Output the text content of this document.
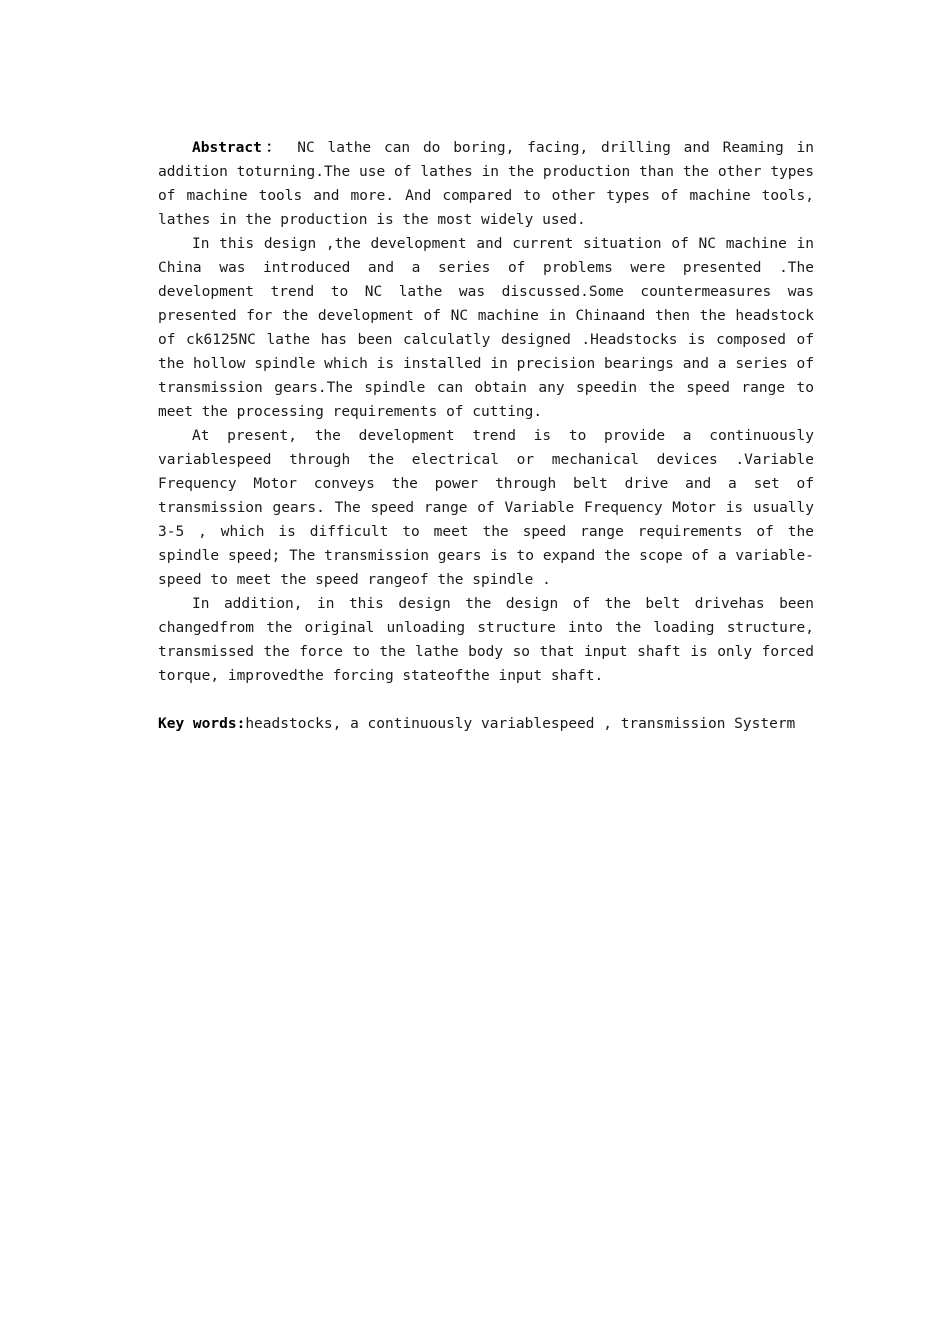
Abstract： NC lathe can do boring, facing, drilling and Reaming in addition toturning.The use of lathes in the production than the other types of machine tools and more. And compared to other types of machine tools, lathes in the production is the most widely used.

In this design ,the development and current situation of NC machine in China was introduced and a series of problems were presented .The development trend to NC lathe was discussed.Some countermeasures was presented for the development of NC machine in Chinaand then the headstock of ck6125NC lathe has been calculatly designed .Headstocks is composed of the hollow spindle which is installed in precision bearings and a series of transmission gears.The spindle can obtain any speedin the speed range to meet the processing requirements of cutting.

At present, the development trend is to provide a continuously variablespeed through the electrical or mechanical devices .Variable Frequency Motor conveys the power through belt drive and a set of transmission gears. The speed range of Variable Frequency Motor is usually 3-5 , which is difficult to meet the speed range requirements of the spindle speed; The transmission gears is to expand the scope of a variable-speed to meet the speed rangeof the spindle .

In addition, in this design the design of the belt drivehas been changedfrom the original unloading structure into the loading structure, transmissed the force to the lathe body so that input shaft is only forced torque, improvedthe forcing stateofthe input shaft.

Key words:headstocks, a continuously variablespeed , transmission Systerm
